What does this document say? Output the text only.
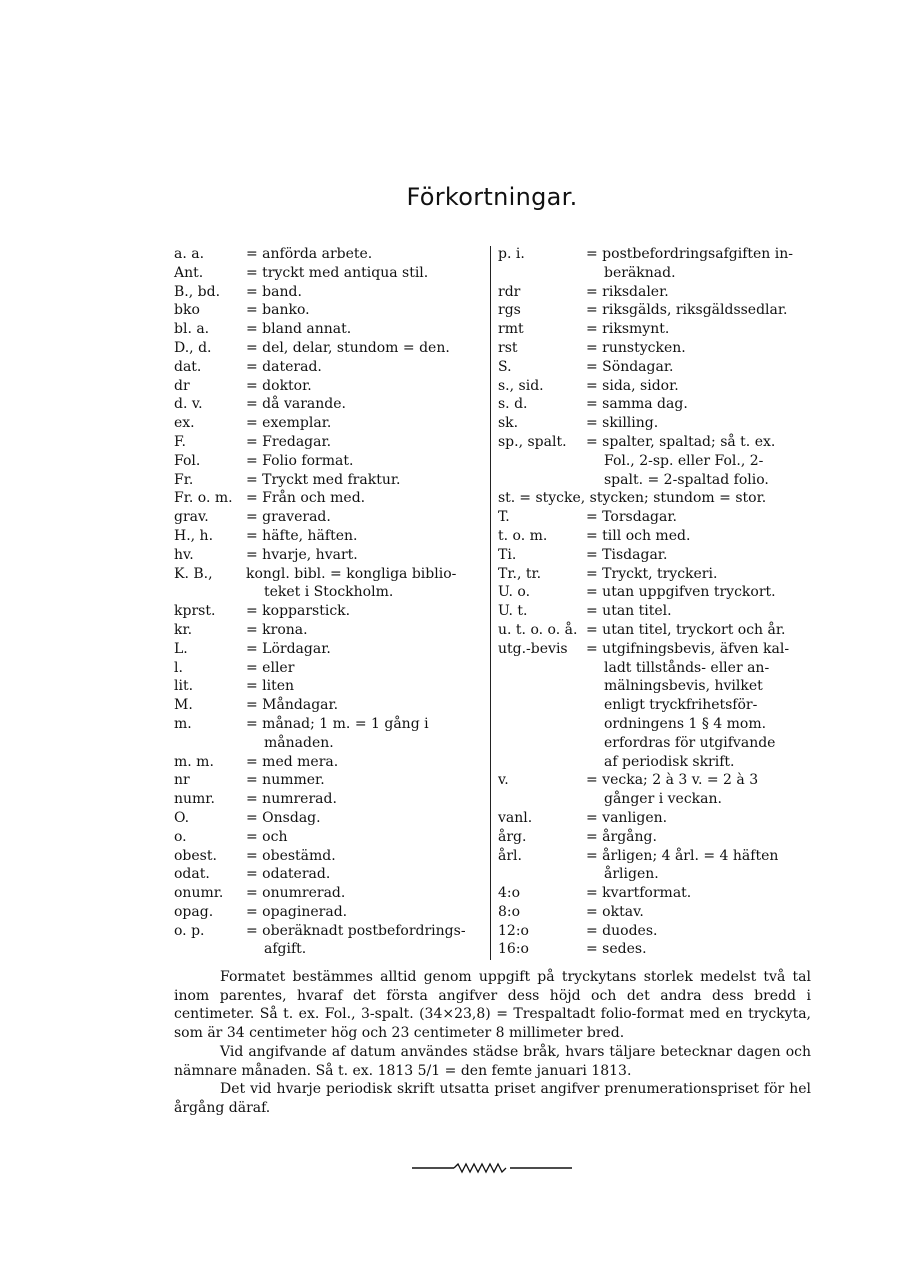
Förkortningar.
a. a.	= anförda arbete.
Ant.	= tryckt med antiqua stil.
B., bd.	= band.
bko	= banko.
bl. a.	= bland annat.
D., d.	= del, delar, stundom = den.
dat.	= daterad.
dr	= doktor.
d. v.	= då varande.
ex.	= exemplar.
F.	= Fredagar.
Fol.	= Folio format.
Fr.	= Tryckt med fraktur.
Fr. o. m. = Från och med.
grav.	= graverad.
H., h.	= häfte, häften.
hv.	= hvarje, hvart.
K. B.,	kongl. bibl. = kongliga biblio-
teket i Stockholm.
kprst.	= kopparstick.
kr.	= krona.
L.	= Lördagar.
l.	= eller
lit.	= liten
M.	= Måndagar.
m.	= månad; 1 m. = 1 gång i
månaden.
m. m.	= med mera.
nr	= nummer.
numr.	= numrerad.
O.	= Onsdag.
o.	= och
obest.	= obestämd.
odat.	= odaterad.
onumr.	= onumrerad.
opag.	= opaginerad.
o. p.	= oberäknadt postbefordrings-
afgift.
p. i.	= postbefordringsafgiften in-
beräknad.
rdr	= riksdaler.
rgs	= riksgälds, riksgäldssedlar.
rmt	= riksmynt.
rst	= runstycken.
S.	= Söndagar.
s., sid.	= sida, sidor.
s. d.	= samma dag.
sk.	= skilling.
sp., spalt.	= spalter, spaltad; så t. ex.
Fol., 2-sp. eller Fol., 2-
spalt. = 2-spaltad folio.
st. = stycke, stycken; stundom = stor.
T.	= Torsdagar.
t. o. m.	= till och med.
Ti.	= Tisdagar.
Tr., tr.	= Tryckt, tryckeri.
U. o.	= utan uppgifven tryckort.
U. t.	= utan titel.
u. t. o. o. å. = utan titel, tryckort och år.
utg.-bevis	= utgifningsbevis, äfven kal-
ladt tillstånds- eller an-
mälningsbevis, hvilket
enligt tryckfrihetsför-
ordningens 1 § 4 mom.
erfordras för utgifvande
af periodisk skrift.
v.	= vecka; 2 à 3 v. = 2 à 3
gånger i veckan.
vanl.	= vanligen.
årg.	= årgång.
årl.	= årligen; 4 årl. = 4 häften
årligen.
4:o	= kvartformat.
8:o	= oktav.
12:o	= duodes.
16:o	= sedes.

Formatet bestämmes alltid genom uppgift på tryckytans storlek medelst två tal inom parentes, hvaraf det första angifver dess höjd och det andra dess bredd i centimeter. Så t. ex. Fol., 3-spalt. (34×23,8) = Trespaltadt folio-format med en tryckyta, som är 34 centimeter hög och 23 centimeter 8 millimeter bred.

Vid angifvande af datum användes städse bråk, hvars täljare betecknar dagen och nämnare månaden. Så t. ex. 1813 5/1 = den femte januari 1813.

Det vid hvarje periodisk skrift utsatta priset angifver prenumerationspriset för hel årgång däraf.
